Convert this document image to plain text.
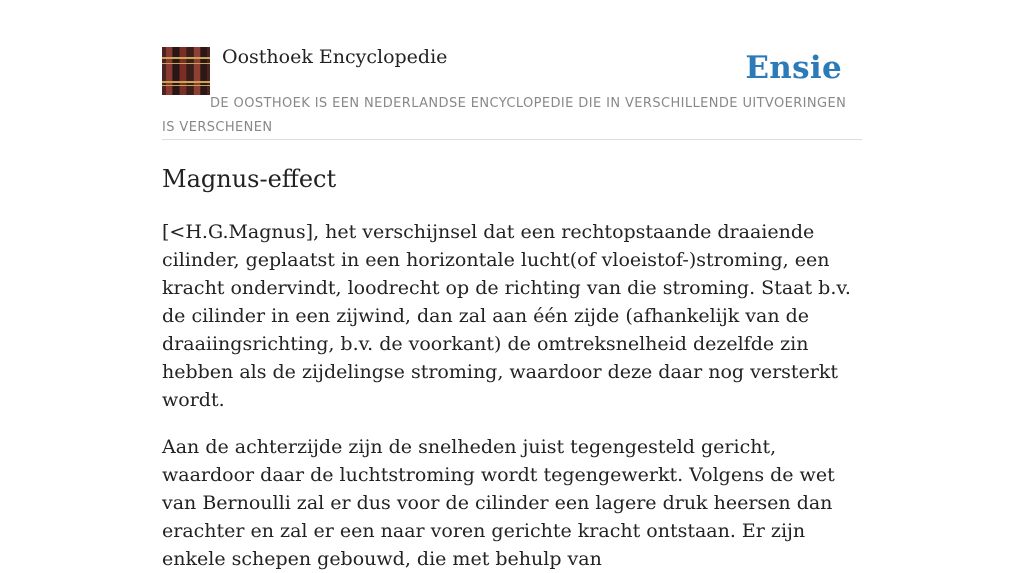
Oosthoek Encyclopedie	Ensie
DE OOSTHOEK IS EEN NEDERLANDSE ENCYCLOPEDIE DIE IN VERSCHILLENDE UITVOERINGEN IS VERSCHENEN
Magnus-effect

[<H.G.Magnus], het verschijnsel dat een rechtopstaande draaiende cilinder, geplaatst in een horizontale lucht(of vloeistof-)stroming, een kracht ondervindt, loodrecht op de richting van die stroming. Staat b.v. de cilinder in een zijwind, dan zal aan één zijde (afhankelijk van de draaiingsrichting, b.v. de voorkant) de omtreksnelheid dezelfde zin hebben als de zijdelingse stroming, waardoor deze daar nog versterkt wordt.

Aan de achterzijde zijn de snelheden juist tegengesteld gericht, waardoor daar de luchtstroming wordt tegengewerkt. Volgens de wet van Bernoulli zal er dus voor de cilinder een lagere druk heersen dan erachter en zal er een naar voren gerichte kracht ontstaan. Er zijn enkele schepen gebouwd, die met behulp van
